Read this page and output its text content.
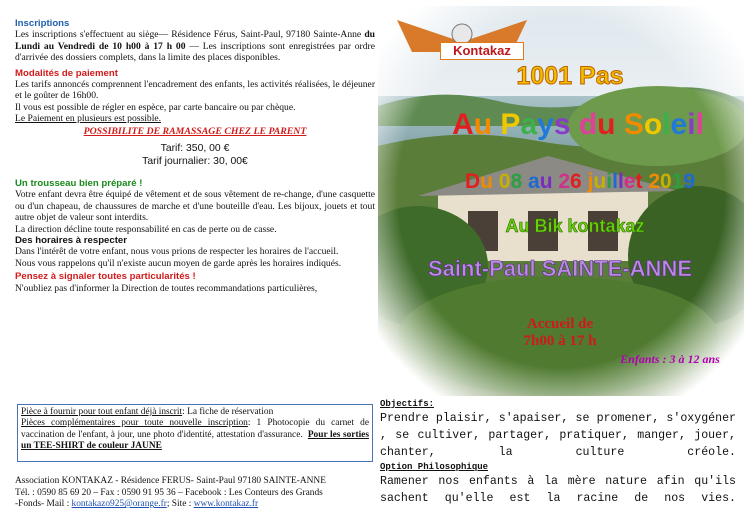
Inscriptions
Les inscriptions s'effectuent au siège— Résidence Férus, Saint-Paul, 97180 Sainte-Anne du Lundi au Vendredi de 10 h00 à 17 h 00 — Les inscriptions sont enregistrées par ordre d'arrivée des dossiers complets, dans la limite des places disponibles.
Modalités de paiement
Les tarifs annoncés comprennent l'encadrement des enfants, les activités réalisées, le déjeuner et le goûter de 16h00.
Il vous est possible de régler en espèce, par carte bancaire ou par chèque.
Le Paiement en plusieurs est possible.
POSSIBILITE DE RAMASSAGE CHEZ LE PARENT
Tarif: 350, 00 €
Tarif journalier: 30, 00€
Un trousseau bien préparé !
Votre enfant devra être équipé de vêtement et de sous vêtement de re-change, d'une casquette ou d'un chapeau, de chaussures de marche et d'une bouteille d'eau. Les bijoux, jouets et tout autre objet de valeur sont interdits.
La direction décline toute responsabilité en cas de perte ou de casse.
Des horaires à respecter
Dans l'intérêt de votre enfant, nous vous prions de respecter les horaires de l'accueil.
Nous vous rappelons qu'il n'existe aucun moyen de garde après les horaires indiqués.
Pensez à signaler toutes particularités !
N'oubliez pas d'informer la Direction de toutes recommandations particulières,
Pièce à fournir pour tout enfant déjà inscrit: La fiche de réservation
Pièces complémentaires pour toute nouvelle inscription: 1 Photocopie du carnet de vaccination de l'enfant, à jour, une photo d'identité, attestation d'assurance. Pour les sorties un TEE-SHIRT de couleur JAUNE
Association KONTAKAZ - Résidence FERUS- Saint-Paul 97180 SAINTE-ANNE
Tél. : 0590 85 69 20 – Fax : 0590 91 95 36 – Facebook : Les Conteurs des Grands
-Fonds- Mail : kontakazo925@orange.fr; Site : www.kontakaz.fr
Kontakaz
1001 Pas
Au Pays du Soleil
Du 08 au 26 juillet 2019
Au Bik kontakaz
Saint-Paul SAINTE-ANNE
Accueil de
7h00 à 17 h
Enfants : 3 à 12 ans
Objectifs:
Prendre plaisir, s'apaiser, se promener, s'oxygéner , se cultiver, partager, pratiquer, manger, jouer, chanter, la culture créole.
Option Philosophique
Ramener nos enfants à la mère nature afin qu'ils sachent qu'elle est la racine de nos vies.
